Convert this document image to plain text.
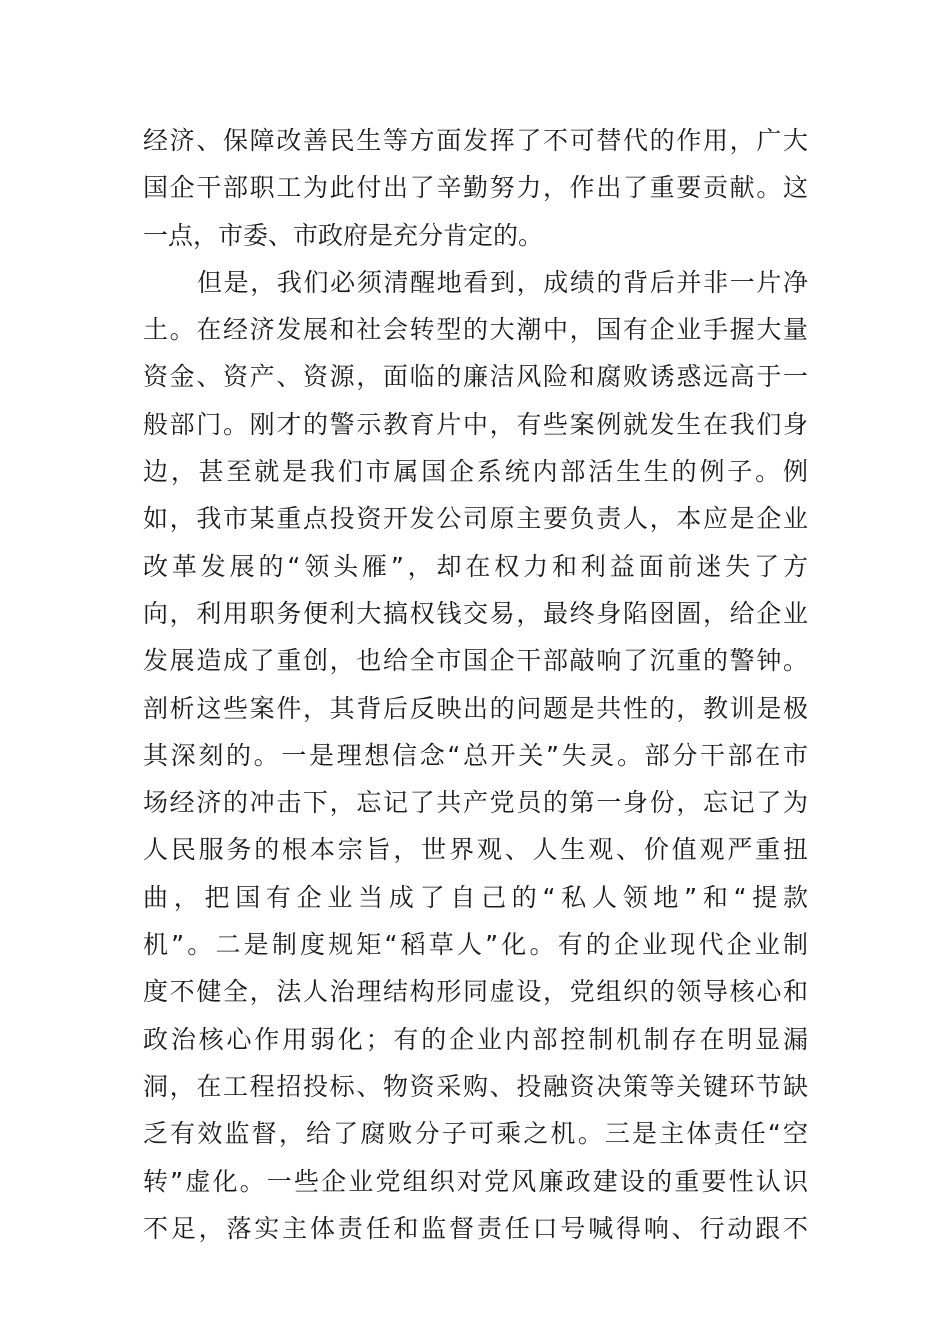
经济、保障改善民生等方面发挥了不可替代的作用，广大
国企干部职工为此付出了辛勤努力，作出了重要贡献。这
一点，市委、市政府是充分肯定的。
但是，我们必须清醒地看到，成绩的背后并非一片净
土。在经济发展和社会转型的大潮中，国有企业手握大量
资金、资产、资源，面临的廉洁风险和腐败诱惑远高于一
般部门。刚才的警示教育片中，有些案例就发生在我们身
边，甚至就是我们市属国企系统内部活生生的例子。例
如，我市某重点投资开发公司原主要负责人，本应是企业
改革发展的“领头雁”，却在权力和利益面前迷失了方
向，利用职务便利大搞权钱交易，最终身陷囹圄，给企业
发展造成了重创，也给全市国企干部敲响了沉重的警钟。
剖析这些案件，其背后反映出的问题是共性的，教训是极
其深刻的。一是理想信念“总开关”失灵。部分干部在市
场经济的冲击下，忘记了共产党员的第一身份，忘记了为
人民服务的根本宗旨，世界观、人生观、价值观严重扭
曲，把国有企业当成了自己的“私人领地”和“提款
机”。二是制度规矩“稻草人”化。有的企业现代企业制
度不健全，法人治理结构形同虚设，党组织的领导核心和
政治核心作用弱化；有的企业内部控制机制存在明显漏
洞，在工程招投标、物资采购、投融资决策等关键环节缺
乏有效监督，给了腐败分子可乘之机。三是主体责任“空
转”虚化。一些企业党组织对党风廉政建设的重要性认识
不足，落实主体责任和监督责任口号喊得响、行动跟不
